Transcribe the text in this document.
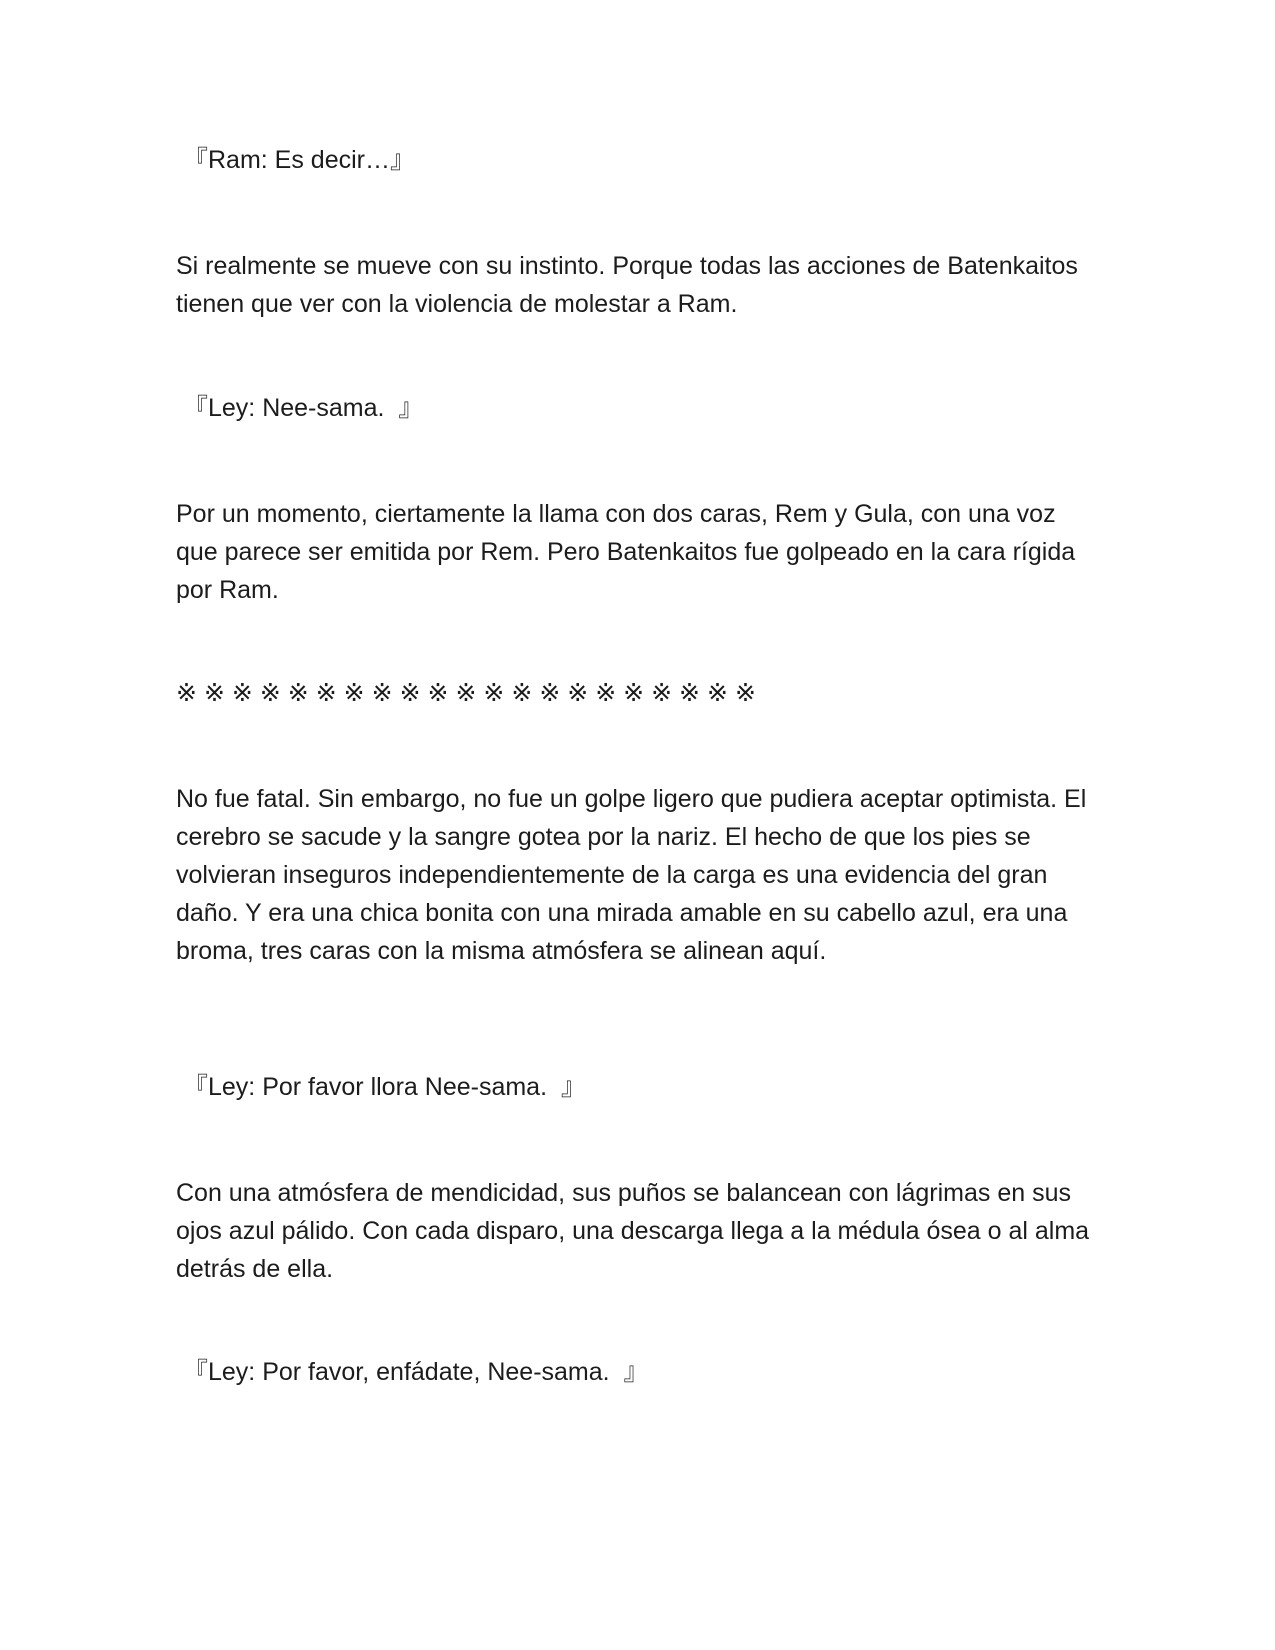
『Ram: Es decir…』

Si realmente se mueve con su instinto. Porque todas las acciones de Batenkaitos tienen que ver con la violencia de molestar a Ram.

『Ley: Nee-sama.  』

Por un momento, ciertamente la llama con dos caras, Rem y Gula, con una voz que parece ser emitida por Rem. Pero Batenkaitos fue golpeado en la cara rígida por Ram.

※※※※※※※※※※※※※※※※※※※※※

No fue fatal. Sin embargo, no fue un golpe ligero que pudiera aceptar optimista. El cerebro se sacude y la sangre gotea por la nariz. El hecho de que los pies se volvieran inseguros independientemente de la carga es una evidencia del gran daño. Y era una chica bonita con una mirada amable en su cabello azul, era una broma, tres caras con la misma atmósfera se alinean aquí.

『Ley: Por favor llora Nee-sama.  』

Con una atmósfera de mendicidad, sus puños se balancean con lágrimas en sus ojos azul pálido. Con cada disparo, una descarga llega a la médula ósea o al alma detrás de ella.

『Ley: Por favor, enfádate, Nee-sama.  』
